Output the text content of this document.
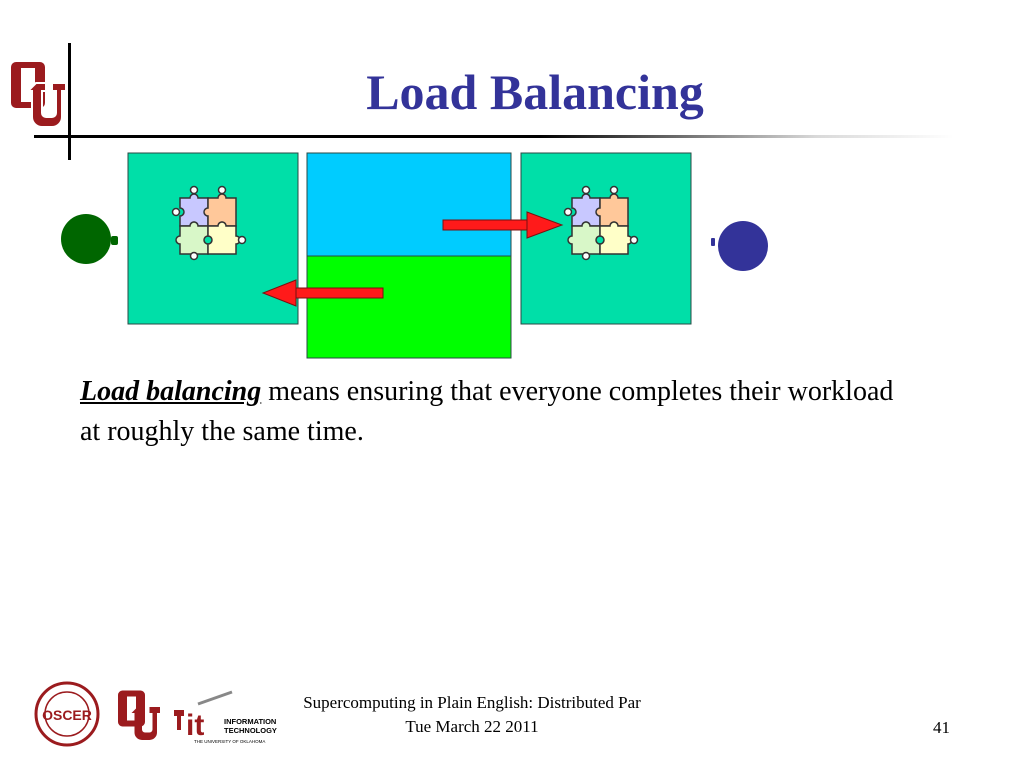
Load Balancing
Load balancing means ensuring that everyone completes their workload at roughly the same time.
OSCER	it	INFORMATION
TECHNOLOGY
THE UNIVERSITY OF OKLAHOMA
Supercomputing in Plain English: Distributed Par
Tue March 22 2011	41
